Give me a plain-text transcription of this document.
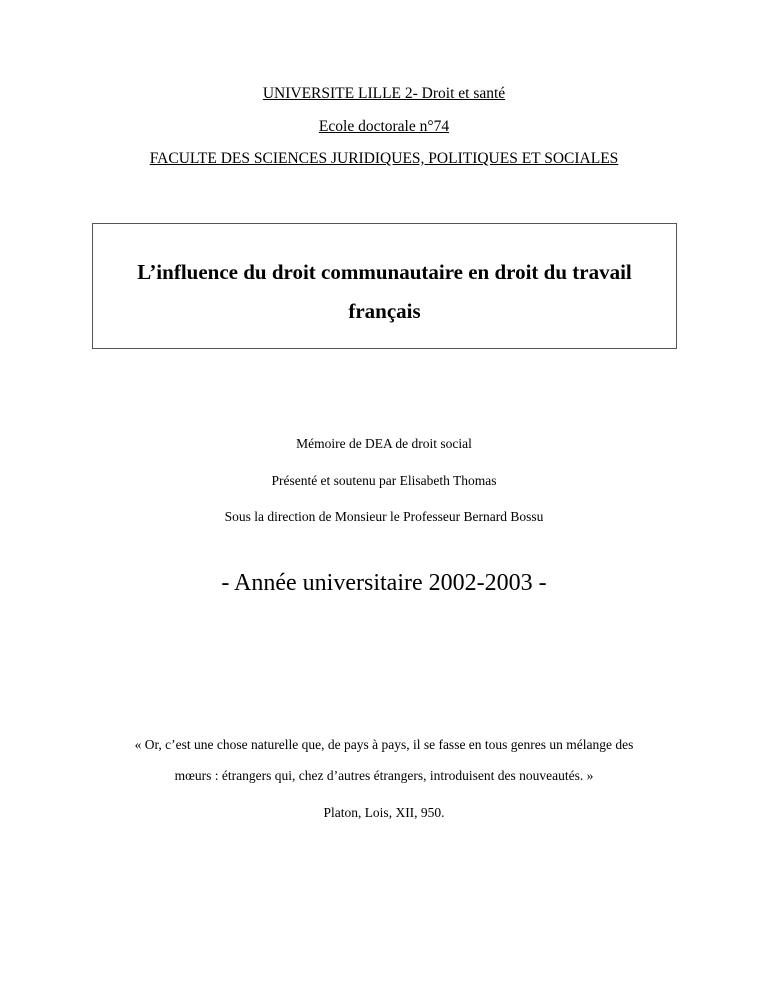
UNIVERSITE LILLE 2- Droit et santé
Ecole doctorale n°74
FACULTE DES SCIENCES JURIDIQUES, POLITIQUES ET SOCIALES
L’influence du droit communautaire en droit du travail
français
Mémoire de DEA de droit social
Présenté et soutenu par Elisabeth Thomas
Sous la direction de Monsieur le Professeur Bernard Bossu
- Année universitaire 2002-2003 -
« Or, c’est une chose naturelle que, de pays à pays, il se fasse en tous genres un mélange des
mœurs : étrangers qui, chez d’autres étrangers, introduisent des nouveautés. »
Platon, Lois, XII, 950.
